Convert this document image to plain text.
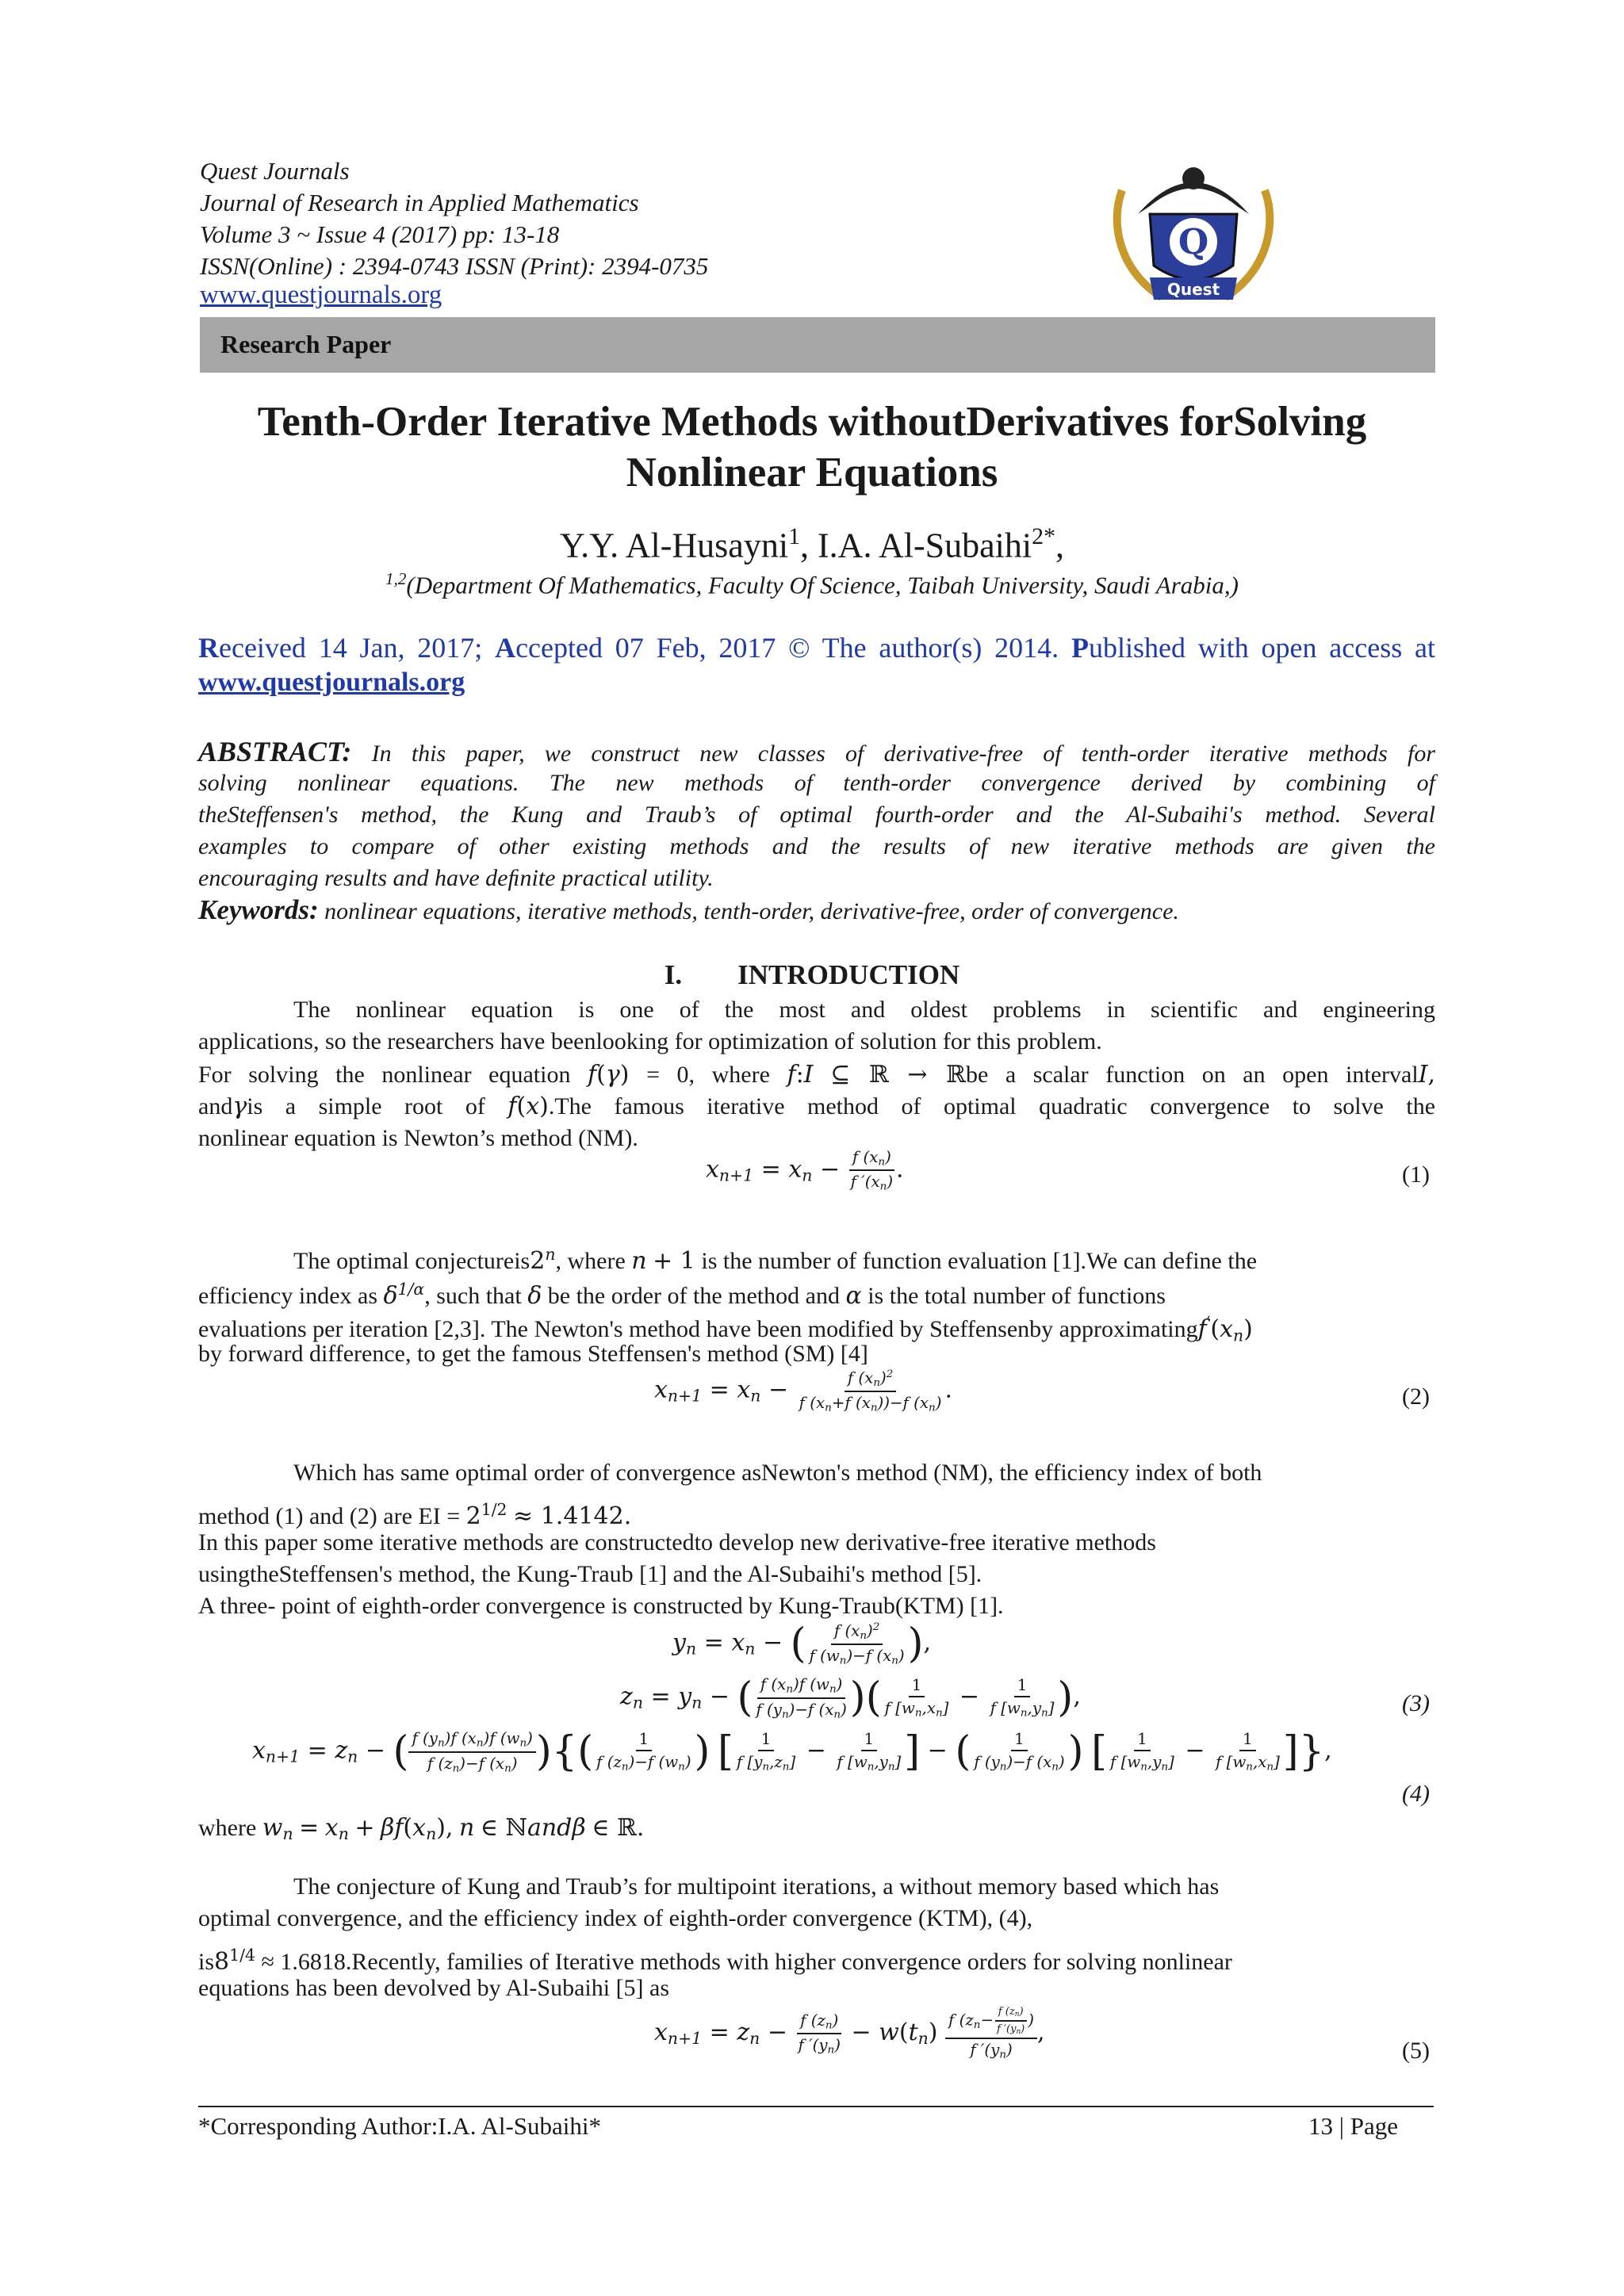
Quest Journals
Journal of Research in Applied Mathematics
Volume 3 ~ Issue 4 (2017) pp: 13-18
ISSN(Online) : 2394-0743 ISSN (Print): 2394-0735
www.questjournals.org
Q
Quest
Research Paper
Tenth-Order Iterative Methods withoutDerivatives forSolving
Nonlinear Equations
Y.Y. Al-Husayni$^1$, I.A. Al-Subaihi$^{2*}$,
$^{1,2}$(Department Of Mathematics, Faculty Of Science, Taibah University, Saudi Arabia,)
Received 14 Jan, 2017; Accepted 07 Feb, 2017 © The author(s) 2014. Published with open access at
www.questjournals.org
ABSTRACT: In this paper, we construct new classes of derivative-free of tenth-order iterative methods for
solving nonlinear equations. The new methods of tenth-order convergence derived by combining of
theSteffensen's method, the Kung and Traub’s of optimal fourth-order and the Al-Subaihi's method. Several
examples to compare of other existing methods and the results of new iterative methods are given the
encouraging results and have deﬁnite practical utility.
Keywords: nonlinear equations, iterative methods, tenth-order, derivative-free, order of convergence.
I. INTRODUCTION
The nonlinear equation is one of the most and oldest problems in scientific and engineering
applications, so the researchers have beenlooking for optimization of solution for this problem.
For solving the nonlinear equation f(γ) = 0, where f:I ⊆ ℝ → ℝbe a scalar function on an open intervalI,
andγis a simple root of f(x).The famous iterative method of optimal quadratic convergence to solve the
nonlinear equation is Newton’s method (NM).
$x_{n+1} = x_n - \frac{f (x_n)}{f '(x_n)}$ .	(1)
The optimal conjectureis2$^n$, where n + 1 is the number of function evaluation [1].We can define the
efficiency index as $\delta^{1/\alpha}$, such that δ be the order of the method and α is the total number of functions
evaluations per iteration [2,3]. The Newton's method have been modified by Steffensenby $approximatingf'(x_n)$
by forward difference, to get the famous Steffensen's method (SM) [4]
$x_{n+1} = x_n - \frac{f (x_n)^2}{f (x_n+f (x_n))-f (x_n)}$ .	(2)
Which has same optimal order of convergence asNewton's method (NM), the efficiency index of both
method (1) and (2) are EI = $2^{1/2} \approx 1.4142$.
In this paper some iterative methods are constructedto develop new derivative-free iterative methods
usingtheSteffensen's method, the Kung-Traub [1] and the Al-Subaihi's method [5].
A three- point of eighth-order convergence is constructed by Kung-Traub(KTM) [1].
$y_n = x_n$ − ( $\frac{f (x_n)^2}{f (w_n)-f (x_n)}$ ),
$z_n = y_n$ − ( $\frac{f (x_n)f (w_n)}{f (y_n)-f (x_n)}$ )( $\frac{1}{f [w_n,x_n]} - \frac{1}{f [w_n,y_n]}$ ),	(3)
$x_{n+1} = z_n$ − ( $\frac{f (y_n)f (x_n)f (w_n)}{f (z_n)-f (x_n)}$ ){( $\frac{1}{f (z_n)-f (w_n)}$ ) [ $\frac{1}{f [y_n,z_n]} - \frac{1}{f [w_n,y_n]}$ ] − ( $\frac{1}{f (y_n)-f (x_n)}$ ) [ $\frac{1}{f [w_n,y_n]} - \frac{1}{f [w_n,x_n]}$ ]},
(4)
where $w_n = x_n + \beta f(x_n)$, n ∈ ℕandβ ∈ ℝ.
The conjecture of Kung and Traub’s for multipoint iterations, a without memory based which has
optimal convergence, and the efficiency index of eighth-order convergence (KTM), (4),
$is8^{1/4}$ ≈ 1.6818.Recently, families of Iterative methods with higher convergence orders for solving nonlinear
equations has been devolved by Al-Subaihi [5] as
$x_{n+1} = z_n - \frac{f (z_n)}{f '(y_n)} - w(t_n) \frac{f (z_n- \frac{f (z_n)}{f '(y_n)} )}{f '(y_n)}$ ,
(5)
*Corresponding Author:I.A. Al-Subaihi*	13 | Page
